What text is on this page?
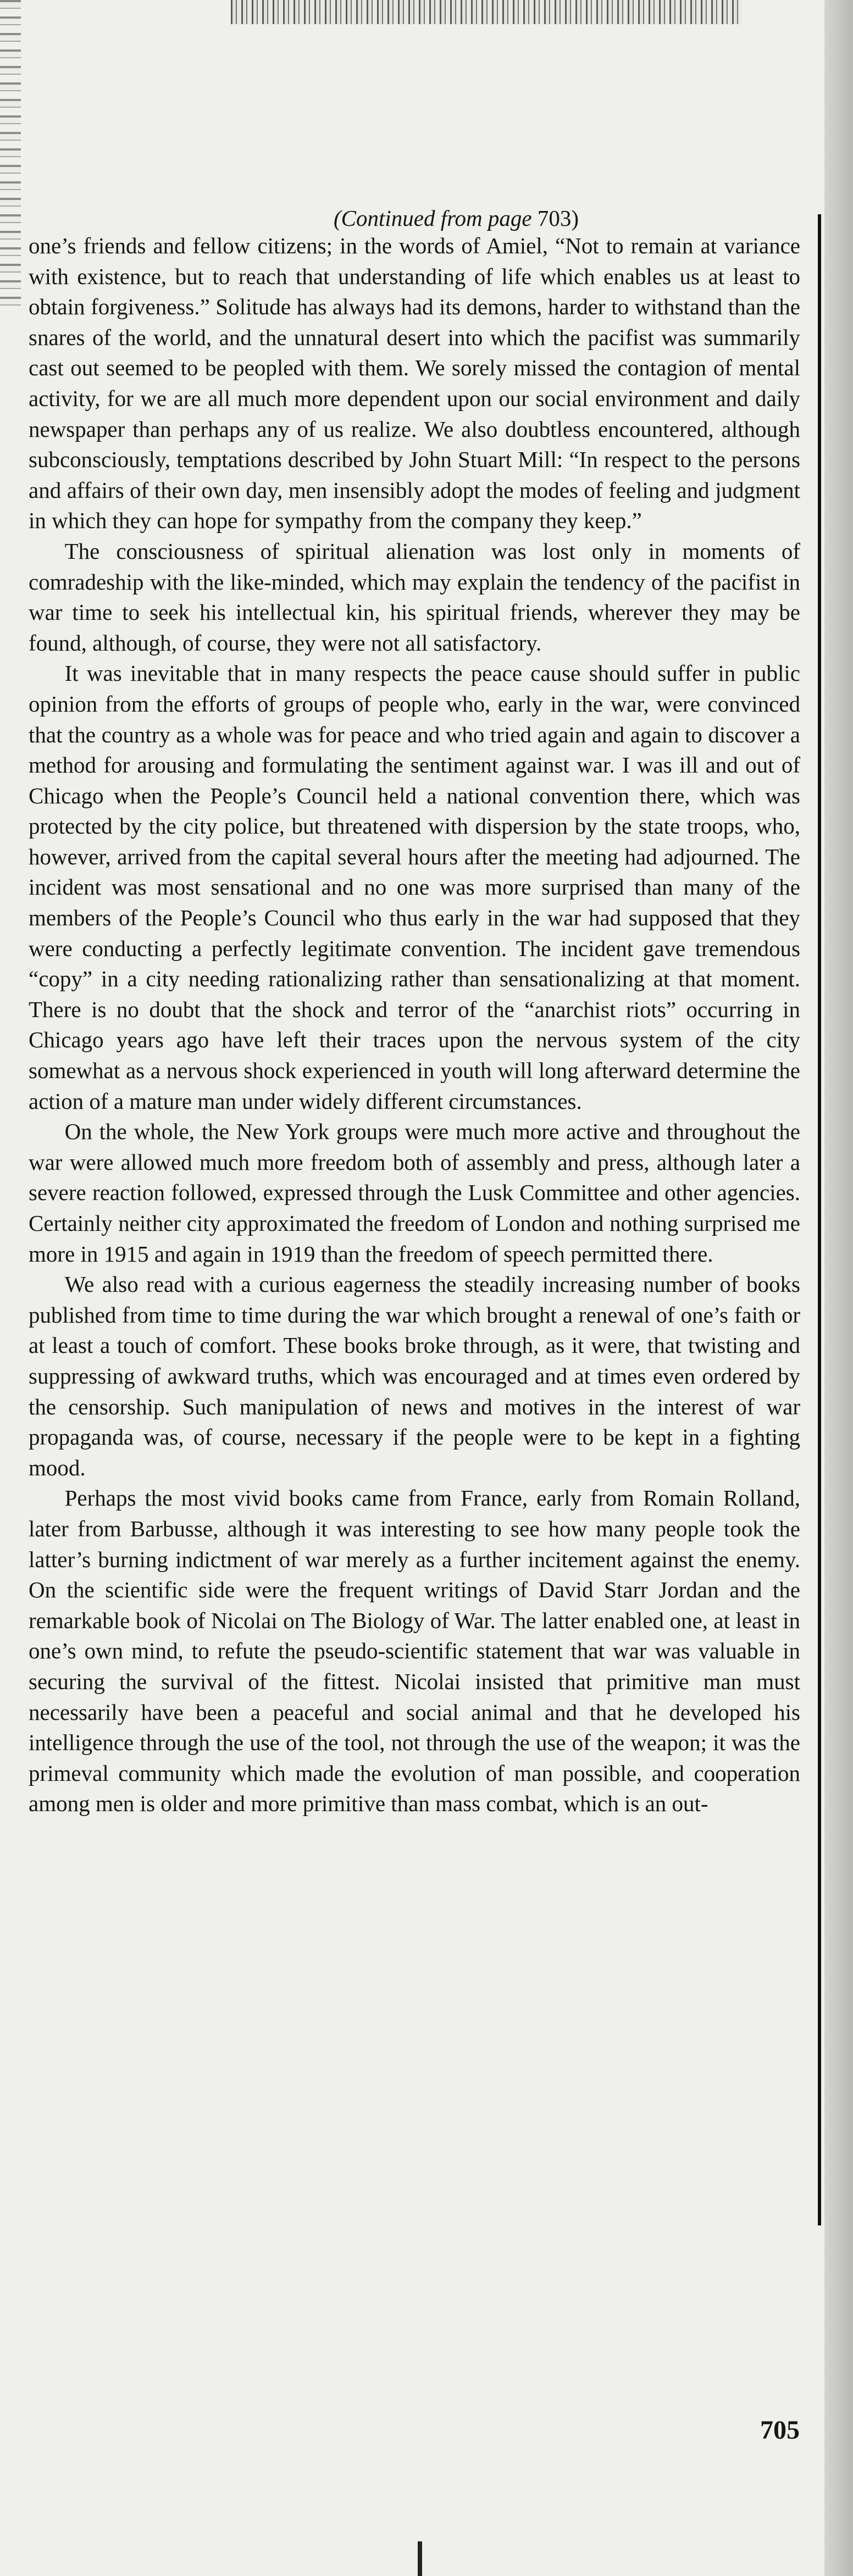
(Continued from page 703)

one’s friends and fellow citizens; in the words of Amiel, “Not to remain at variance with existence, but to reach that understanding of life which enables us at least to obtain forgiveness.” Solitude has always had its demons, harder to withstand than the snares of the world, and the unnatural desert into which the pacifist was summarily cast out seemed to be peopled with them. We sorely missed the contagion of mental activity, for we are all much more dependent upon our social environment and daily newspaper than perhaps any of us realize. We also doubtless encountered, although subconsciously, temptations described by John Stuart Mill: “In respect to the persons and affairs of their own day, men insensibly adopt the modes of feeling and judgment in which they can hope for sympathy from the company they keep.”

The consciousness of spiritual alienation was lost only in moments of comradeship with the like-minded, which may explain the tendency of the pacifist in war time to seek his intellectual kin, his spiritual friends, wherever they may be found, although, of course, they were not all satisfactory.

It was inevitable that in many respects the peace cause should suffer in public opinion from the efforts of groups of people who, early in the war, were convinced that the country as a whole was for peace and who tried again and again to discover a method for arousing and formulating the sentiment against war. I was ill and out of Chicago when the People’s Council held a national convention there, which was protected by the city police, but threatened with dispersion by the state troops, who, however, arrived from the capital several hours after the meeting had adjourned. The incident was most sensational and no one was more surprised than many of the members of the People’s Council who thus early in the war had supposed that they were conducting a perfectly legitimate convention. The incident gave tremendous “copy” in a city needing rationalizing rather than sensationalizing at that moment. There is no doubt that the shock and terror of the “anarchist riots” occurring in Chicago years ago have left their traces upon the nervous system of the city somewhat as a nervous shock experienced in youth will long afterward determine the action of a mature man under widely different circumstances.

On the whole, the New York groups were much more active and throughout the war were allowed much more freedom both of assembly and press, although later a severe reaction followed, expressed through the Lusk Committee and other agencies. Certainly neither city approximated the freedom of London and nothing surprised me more in 1915 and again in 1919 than the freedom of speech permitted there.

We also read with a curious eagerness the steadily increasing number of books published from time to time during the war which brought a renewal of one’s faith or at least a touch of comfort. These books broke through, as it were, that twisting and suppressing of awkward truths, which was encouraged and at times even ordered by the censorship. Such manipulation of news and motives in the interest of war propaganda was, of course, necessary if the people were to be kept in a fighting mood.

Perhaps the most vivid books came from France, early from Romain Rolland, later from Barbusse, although it was interesting to see how many people took the latter’s burning indictment of war merely as a further incitement against the enemy. On the scientific side were the frequent writings of David Starr Jordan and the remarkable book of Nicolai on The Biology of War. The latter enabled one, at least in one’s own mind, to refute the pseudo-scientific statement that war was valuable in securing the survival of the fittest. Nicolai insisted that primitive man must necessarily have been a peaceful and social animal and that he developed his intelligence through the use of the tool, not through the use of the weapon; it was the primeval community which made the evolution of man possible, and cooperation among men is older and more primitive than mass combat, which is an out-

705
